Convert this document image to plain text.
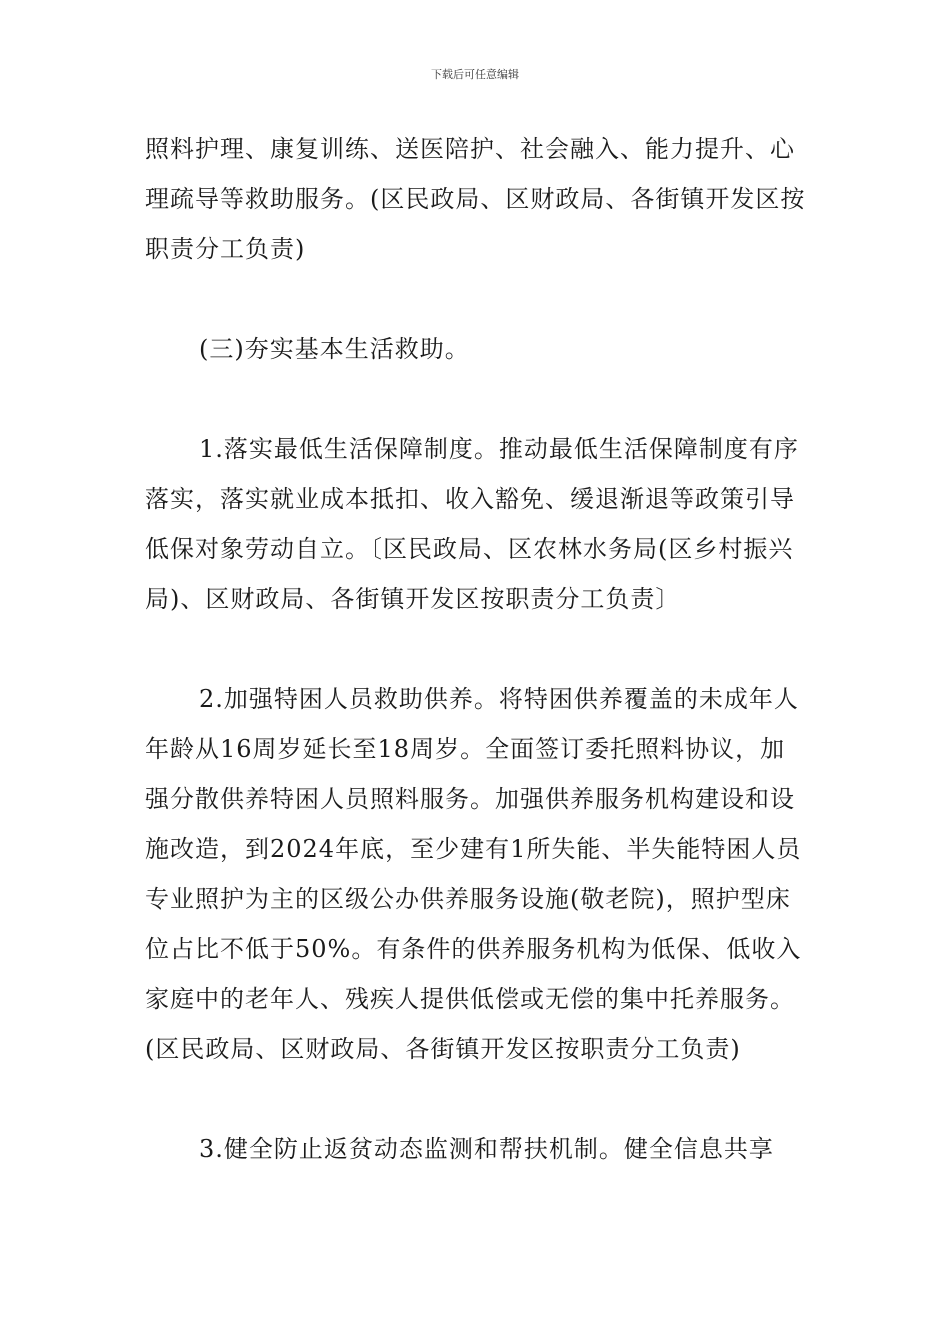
下载后可任意编辑

照料护理、康复训练、送医陪护、社会融入、能力提升、心理疏导等救助服务。(区民政局、区财政局、各街镇开发区按职责分工负责)

(三)夯实基本生活救助。

1.落实最低生活保障制度。推动最低生活保障制度有序落实，落实就业成本抵扣、收入豁免、缓退渐退等政策引导低保对象劳动自立。〔区民政局、区农林水务局(区乡村振兴局)、区财政局、各街镇开发区按职责分工负责〕

2.加强特困人员救助供养。将特困供养覆盖的未成年人年龄从16周岁延长至18周岁。全面签订委托照料协议，加强分散供养特困人员照料服务。加强供养服务机构建设和设施改造，到2024年底，至少建有1所失能、半失能特困人员专业照护为主的区级公办供养服务设施(敬老院)，照护型床位占比不低于50%。有条件的供养服务机构为低保、低收入家庭中的老年人、残疾人提供低偿或无偿的集中托养服务。(区民政局、区财政局、各街镇开发区按职责分工负责)

3.健全防止返贫动态监测和帮扶机制。健全信息共享
